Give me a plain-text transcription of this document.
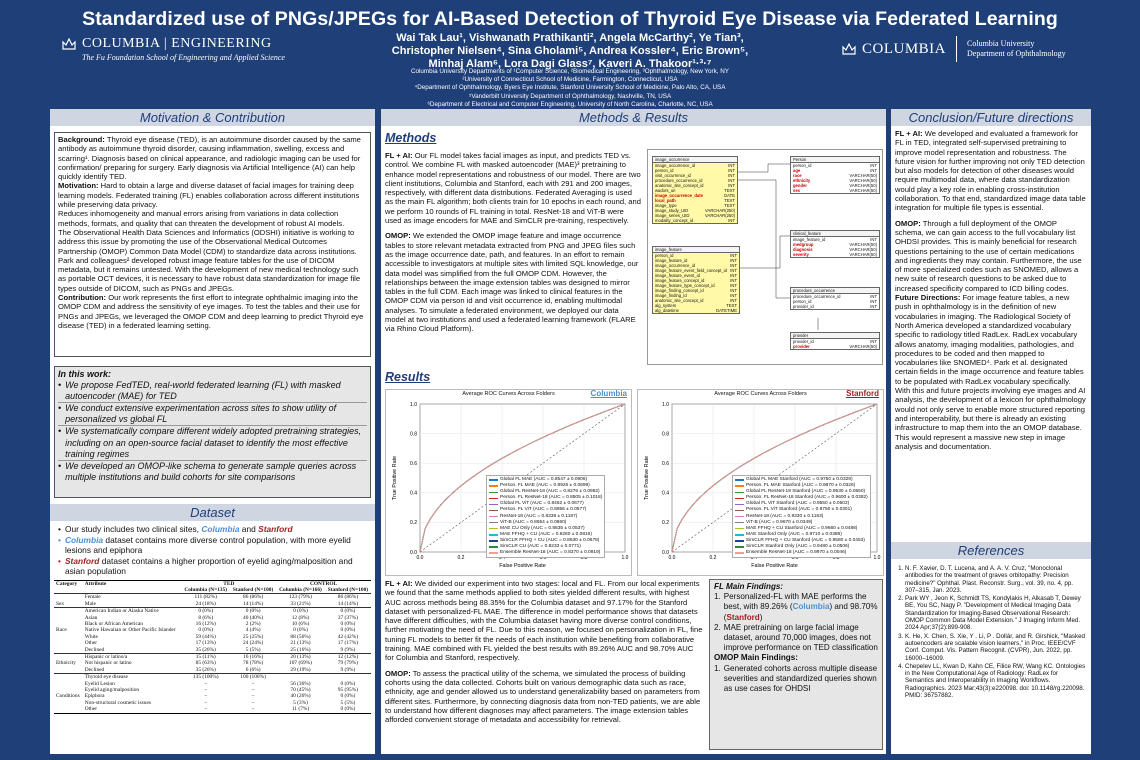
Standardized use of PNGs/JPEGs for AI-Based Detection of Thyroid Eye Disease via Federated Learning
COLUMBIA | ENGINEERING
The Fu Foundation School of Engineering and Applied Science
Wai Tak Lau¹, Vishwanath Prathikanti², Angela McCarthy², Ye Tian³,
Christopher Nielsen⁴, Sina Gholami⁵, Andrea Kossler⁴, Eric Brown⁵,
Minhaj Alam⁶, Lora Dagi Glass⁷, Kaveri A. Thakoor¹·³·⁷
Columbia University Departments of ¹Computer Science, ²Biomedical Engineering, ³Ophthalmology, New York, NY
²University of Connecticut School of Medicine, Farmington, Connecticut, USA
⁴Department of Ophthalmology, Byers Eye Institute, Stanford University School of Medicine, Palo Alto, CA, USA
⁵Vanderbilt University Department of Ophthalmology, Nashville, TN, USA
⁶Department of Electrical and Computer Engineering, University of North Carolina, Charlotte, NC, USA
COLUMBIA	Columbia University
Department of Ophthalmology
Motivation & Contribution

Background: Thyroid eye disease (TED), is an autoimmune disorder caused by the same antibody as autoimmune thyroid disorder, causing inflammation, swelling, excess and scarring¹. Diagnosis based on clinical appearance, and radiologic imaging can be used for confirmation/ preparing for surgery. Early diagnosis via Artificial Intelligence (AI) can help quickly identify TED.

Motivation: Hard to obtain a large and diverse dataset of facial images for training deep learning models. Federated training (FL) enables collaboration across different institutions while preserving data privacy.

Reduces inhomogeneity and manual errors arising from variations in data collection methods, formats, and quality that can threaten the development of robust AI models.

The Observational Health Data Sciences and Informatics (ODSHI) initiative is working to address this issue by promoting the use of the Observational Medical Outcomes Partnership (OMOP) Common Data Model (CDM) to standardize data across institutions.

Park and colleagues² developed robust image feature tables for the use of DICOM metadata, but it remains untested. With the development of new medical technology such as portable OCT devices, it is necessary to have robust data standardization for image file types outside of DICOM, such as PNGs and JPEGs.

Contribution: Our work represents the first effort to integrate ophthalmic imaging into the OMOP CDM and address the sensitivity of eye images. To test the tables and their use for PNGs and JPEGs, we leveraged the OMOP CDM and deep learning to predict Thyroid eye disease (TED) in a federated learning setting.

In this work:
• We propose FedTED, real-world federated learning (FL) with masked autoencoder (MAE) for TED
• We conduct extensive experimentation across sites to show utility of personalized vs global FL
• We systematically compare different widely adopted pretraining strategies, including on an open-source facial dataset to identify the most effective training regimes
• We developed an OMOP-like schema to generate sample queries across multiple institutions and build cohorts for site comparisons
Dataset
• Our study includes two clinical sites, Columbia and Stanford
• Columbia dataset contains more diverse control population, with more eyelid lesions and epiphora
• Stanford dataset contains a higher proportion of eyelid aging/malposition and asian population
Category	Attribute	TED		CONTROL	
		Columbia (N=135)	Stanford (N=100)	Columbia (N=166)	Stanford (N=100)
	Female	111 (82%)	86 (86%)	123 (79%)	86 (86%)
Sex	Male	24 (18%)	14 (14%)	33 (21%)	14 (14%)
	American Indian or Alaska Native	0 (0%)	0 (0%)	0 (0%)	0 (0%)
	Asian	8 (6%)	40 (40%)	12 (8%)	37 (37%)
	Black or African American	16 (12%)	2 (2%)	10 (6%)	0 (0%)
Race	Native Hawaiian or Other Pacific Islander	0 (0%)	4 (4%)	0 (0%)	0 (0%)
	White	59 (44%)	25 (25%)	88 (56%)	42 (42%)
	Other	17 (13%)	24 (24%)	21 (13%)	17 (17%)
	Declined	35 (26%)	5 (5%)	25 (16%)	9 (9%)
	Hispanic or latino/a	15 (11%)	16 (16%)	20 (13%)	12 (12%)
Ethnicity	Not hispanic or latino	85 (63%)	78 (78%)	107 (69%)	79 (79%)
	Declined	35 (26%)	6 (6%)	29 (19%)	9 (9%)
	Thyroid eye disease	135 (100%)	100 (100%)		
	Eyelid Lesion	–	–	56 (36%)	0 (0%)
	Eyelid aging/malposition	–	–	70 (45%)	95 (95%)
Conditions	Epiphora	–	–	40 (26%)	0 (0%)
	Non-structural cosmetic issues	–	–	5 (3%)	5 (5%)
	Other	–	–	11 (7%)	0 (0%)
Methods & Results
Methods

FL + AI: Our FL model takes facial images as input, and predicts TED vs. control. We combine FL with masked autoencoder (MAE)³ pretraining to enhance model representations and robustness of our model. There are two client institutions, Columbia and Stanford, each with 291 and 200 images, respectively, with different data distributions. Federated Averaging is used as the main FL algorithm; both clients train for 10 epochs in each round, and we perform 10 rounds of FL training in total. ResNet-18 and ViT-B were used as image encoders for MAE and SimCLR pre-training, respectively.

OMOP: We extended the OMOP image feature and image occurrence tables to store relevant metadata extracted from PNG and JPEG files such as the image occurrence date, path, and features. In an effort to remain accessible to investigators at multiple sites with limited SQL knowledge, our data model was simplified from the full OMOP CDM. However, the relationships between the image extension tables was designed to mirror tables in the full CDM. Each image was linked to clinical features in the OMOP CDM via person id and visit occurrence id, enabling multimodal analyses. To simulate a federated environment, we deployed our data model at two institutions and used a federated learning framework (FLARE via Rhino Cloud Platform).

image_occurrence
image_occurrence_id	INT
person_id	INT
visit_occurrence_id	INT
procedure_occurrence_id	INT
anatomic_site_concept_id	INT
wadors_uri	TEXT
image_occurrence_date	DATE
local_path	TEXT
image_type	TEXT
image_study_UID	VARCHAR(250)
image_series_UID	VARCHAR(250)
modality_concept_id	INT
image_feature
person_id	INT
image_feature_id	INT
image_occurrence_id	INT
image_feature_event_field_concept_id INT
image_feature_event_id	INT
image_feature_concept_id	INT
image_feature_type_concept_id	INT
image_finding_concept_id	INT
image_finding_id	INT
anatomic_site_concept_id	INT
alg_system	TEXT
alg_datetime	DATETIME
Person
person_id	INT
age	INT
race	VARCHAR(50)
ethnicity	VARCHAR(50)
gender	VARCHAR(50)
sex	VARCHAR(50)
clinical_feature
image_feature_id	INT
medgroup	VARCHAR(50)
diagnosis	VARCHAR(50)
severity	VARCHAR(50)
procedure_occurrence
procedure_occurrence_id	INT
person_id	INT
provider_id	INT
provider
provider_id	INT
provider	VARCHAR(50)
Results
Average ROC Curves Across Folders	Columbia
0.0
0.0
0.2
0.2
0.4
0.6
0.8
1.0
1.0
False Positive Rate
True Positive Rate	Global FL MAE (AUC = 0.8547 ± 0.0906)
Person. FL MAE (AUC = 0.8926 ± 0.0699)
Global FL ResNet-18 (AUC = 0.8276 ± 0.0982)
Person. FL ResNet-18 (AUC = 0.8505 ± 0.1018)
Global FL ViT (AUC = 0.8462 ± 0.0677)
Person. FL ViT (AUC = 0.8856 ± 0.0577)
ResNet-18 (AUC = 0.8338 ± 0.1187)
ViT-B (AUC = 0.8654 ± 0.0860)
MAE CU Only (AUC = 0.8835 ± 0.0537)
MAE FFHQ + CU (AUC = 0.8280 ± 0.0816)
SimCLR FFHQ + CU (AUC = 0.8630 ± 0.0678)
SimCLR CU (AUC = 0.8233 ± 0.0771)
Ensemble ResNet-18 (AUC = 0.8370 ± 0.0919)
Average ROC Curves Across Folders	Stanford
0.0
0.0
0.2
0.2
0.4
0.6
0.8
1.0
1.0
False Positive Rate
True Positive Rate	Global FL MAE Stanford (AUC = 0.9750 ± 0.0329)
Person. FL MAE Stanford (AUC = 0.9870 ± 0.0326)
Global FL ResNet-18 Stanford (AUC = 0.9530 ± 0.0550)
Person. FL ResNet-18 Stanford (AUC = 0.9600 ± 0.0382)
Global FL ViT Stanford (AUC = 0.9550 ± 0.0502)
Person. FL ViT Stanford (AUC = 0.9750 ± 0.0301)
ResNet-18 (AUC = 0.9330 ± 0.1183)
ViT-B (AUC = 0.9670 ± 0.0349)
MAE FFHQ + CU Stanford (AUC = 0.9660 ± 0.0488)
MAE Stanford Only (AUC = 0.9710 ± 0.0388)
SimCLR FFHQ + CU Stanford (AUC = 0.9580 ± 0.0453)
SimCLR Stanford Only (AUC = 0.9480 ± 0.0506)
Ensemble ResNet-18 (AUC = 0.9970 ± 0.0046)

FL + AI: We divided our experiment into two stages: local and FL. From our local experiments we found that the same methods applied to both sites yielded different results, with highest AUC across methods being 88.35% for the Columbia dataset and 97.17% for the Stanford dataset with personalized-FL MAE. The difference in model performance shows that datasets have different difficulties, with the Columbia dataset having more diverse control conditions, further motivating the need of FL. Due to this reason, we focused on personalization in FL, fine tuning FL models to better fit the needs of each institution while benefiting from collaborative training. MAE combined with FL yielded the best results with 89.26% AUC and 98.70% AUC for Columbia and Stanford, respectively.

OMOP: To assess the practical utility of the schema, we simulated the process of building cohorts using the data collected. Cohorts built on various demographic data such as race, ethnicity, age and gender allowed us to understand generalizability based on parameters from different sites. Furthermore, by connecting diagnosis data from non-TED patients, we are able to understand how different diagnoses may affect parameters. The image extension tables afforded convenient storage of metadata and accessibility for retrieval.

FL Main Findings:
1. Personalized-FL with MAE performs the best, with 89.26% (Columbia) and 98.70% (Stanford)
2. MAE pretraining on large facial image dataset, around 70,000 images, does not improve performance on TED classification
OMOP Main Findings:
1. Generated cohorts across multiple disease severities and standardized queries shown as use cases for OHDSI
Conclusion/Future directions

FL + AI: We developed and evaluated a framework for FL in TED, integrated self-supervised pretraining to improve model representation and robustness. The future vision for further improving not only TED detection but also models for detection of other diseases would require multimodal data, where data standardization would play a key role in enabling cross-institution collaboration. To that end, standardized image data table integration for multiple file types is essential.

OMOP: Through a full deployment of the OMOP schema, we can gain access to the full vocabulary list OHDSI provides. This is mainly beneficial for research questions pertaining to the use of certain medications and ingredients they may contain. Furthermore, the use of more specialized codes such as SNOMED, allows a new suite of research questions to be asked due to increased specificity compared to ICD billing codes.

Future Directions: For image feature tables, a new push in ophthalmology is in the definition of new vocabularies in imaging. The Radiological Society of North America developed a standardized vocabulary specific to radiology titled RadLex. RadLex vocabulary allows anatomy, imaging modalities, pathologies, and procedures to be coded and then mapped to vocabularies like SNOMED⁴. Park et al. designated certain fields in the image occurrence and feature tables to be populated with RadLex vocabulary specifically. With this and future projects involving eye images and AI analysis, the development of a lexicon for ophthalmology would not only serve to enable more structured reporting and interoperability, but there is already an existing infrastructure to map them into the an OMOP database. This would represent a massive new step in image analysis and documentation.

References
1. N. F. Xavier, D. T. Lucena, and A. A. V. Cruz, "Monoclonal antibodies for the treatment of graves orbitopathy: Precision medicine?" Ophthal. Plast. Reconstr. Surg., vol. 39, no. 4, pp. 307–315, Jan. 2023.
2. Park WY , Jeon K, Schmidt TS, Kondylakis H, Alkasab T, Dewey BE, You SC, Nagy P. "Development of Medical Imaging Data Standardization for Imaging-Based Observational Research: OMOP Common Data Model Extension." J Imaging Inform Med. 2024 Apr;37(2):899-908.
3. K. He, X. Chen, S. Xie, Y . Li, P . Dollár, and R. Girshick, "Masked autoencoders are scalable vision learners," in Proc. IEEE/CVF Conf. Comput. Vis. Pattern Recognit. (CVPR), Jun. 2022, pp. 16000–16009.
4. Chepelev LL, Kwan D, Kahn CE, Filice RW, Wang KC. Ontologies in the New Computational Age of Radiology: RadLex for Semantics and Interoperability in Imaging Workflows. Radiographics. 2023 Mar;43(3):e220098. doi: 10.1148/rg.220098. PMID: 36757882.
